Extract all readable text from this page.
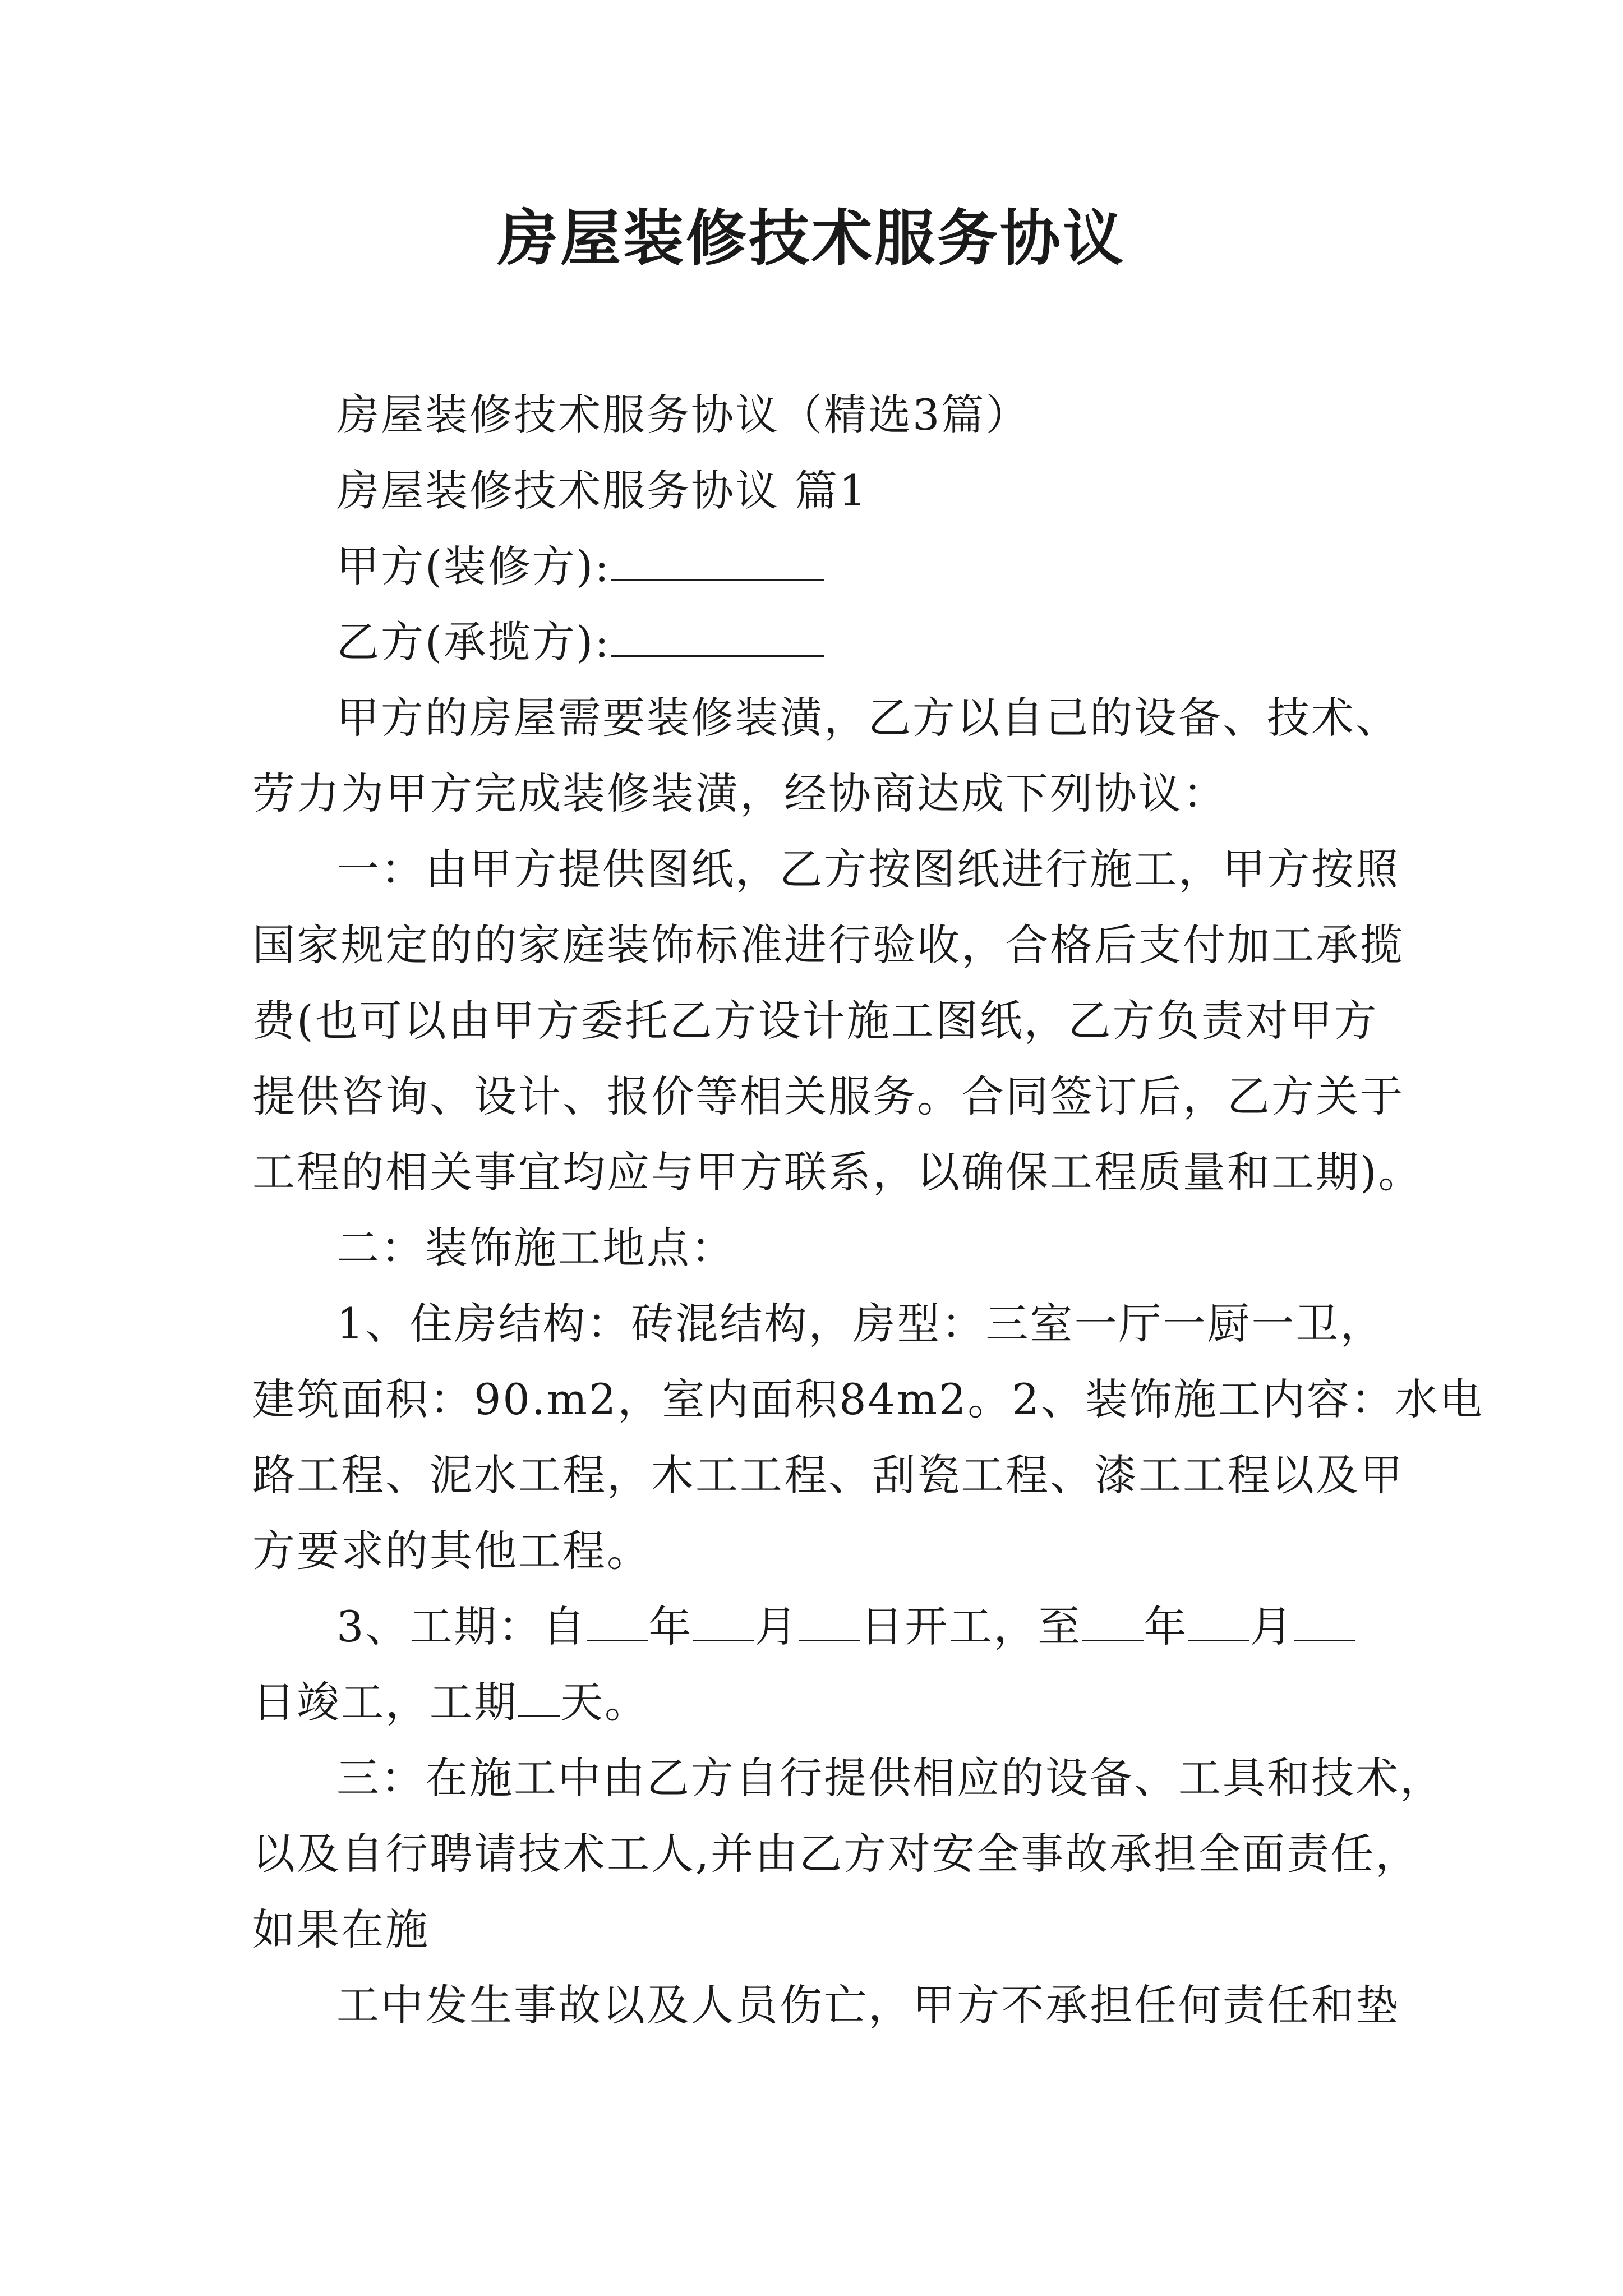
房屋装修技术服务协议
房屋装修技术服务协议（精选3篇）
房屋装修技术服务协议 篇1
甲方(装修方):
乙方(承揽方):
甲方的房屋需要装修装潢，乙方以自己的设备、技术、
劳力为甲方完成装修装潢，经协商达成下列协议：
一：由甲方提供图纸，乙方按图纸进行施工，甲方按照
国家规定的的家庭装饰标准进行验收，合格后支付加工承揽
费(也可以由甲方委托乙方设计施工图纸，乙方负责对甲方
提供咨询、设计、报价等相关服务。合同签订后，乙方关于
工程的相关事宜均应与甲方联系，以确保工程质量和工期)。
二：装饰施工地点：
1、住房结构：砖混结构，房型：三室一厅一厨一卫，
建筑面积：90.m2，室内面积84m2。2、装饰施工内容：水电
路工程、泥水工程，木工工程、刮瓷工程、漆工工程以及甲
方要求的其他工程。
3、工期：自 年 月 日开工，至 年 月
日竣工，工期 天。
三：在施工中由乙方自行提供相应的设备、工具和技术，
以及自行聘请技术工人,并由乙方对安全事故承担全面责任，
如果在施
工中发生事故以及人员伤亡，甲方不承担任何责任和垫
